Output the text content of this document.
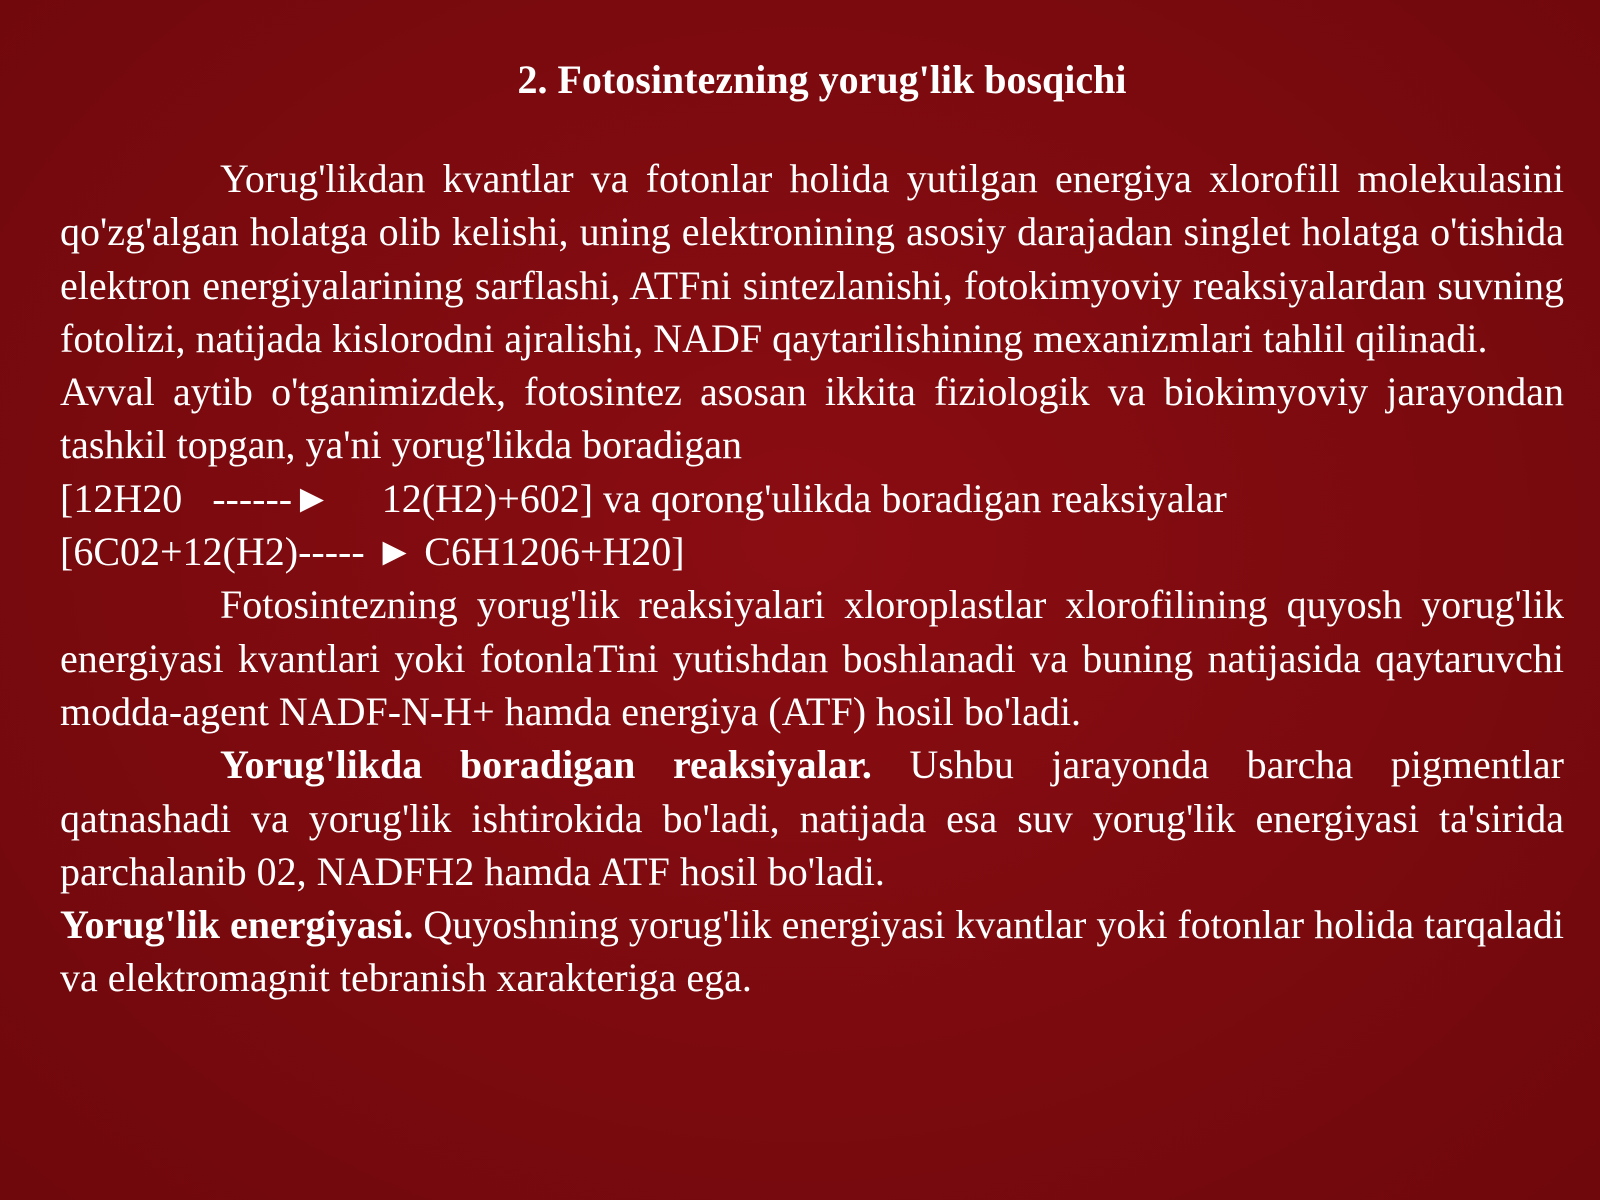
2. Fotosintezning yorug'lik bosqichi

Yorug'likdan kvantlar va fotonlar holida yutilgan energiya xlorofill molekulasini qo'zg'algan holatga olib kelishi, uning elektronining asosiy darajadan singlet holatga o'tishida elektron energiyalarining sarflashi, ATFni sintezlanishi, fotokimyoviy reaksiyalardan suvning fotolizi, natijada kislorodni ajralishi, NADF qaytarilishining mexanizmlari tahlil qilinadi.

Avval aytib o'tganimizdek, fotosintez asosan ikkita fiziologik va biokimyoviy jarayondan tashkil topgan, ya'ni yorug'likda boradigan

[12H20   ------►     12(H2)+602] va qorong'ulikda boradigan reaksiyalar

[6C02+12(H2)----- ► C6H1206+H20]

Fotosintezning yorug'lik reaksiyalari xloroplastlar xlorofilining quyosh yorug'lik energiyasi kvantlari yoki fotonlaTini yutishdan boshlanadi va buning natijasida qaytaruvchi modda-agent NADF-N-H+ hamda energiya (ATF) hosil bo'ladi.

Yorug'likda boradigan reaksiyalar. Ushbu jarayonda barcha pigmentlar qatnashadi va yorug'lik ishtirokida bo'ladi, natijada esa suv yorug'lik energiyasi ta'sirida parchalanib 02, NADFH2 hamda ATF hosil bo'ladi.

Yorug'lik energiyasi. Quyoshning yorug'lik energiyasi kvantlar yoki fotonlar holida tarqaladi va elektromagnit tebranish xarakteriga ega.
